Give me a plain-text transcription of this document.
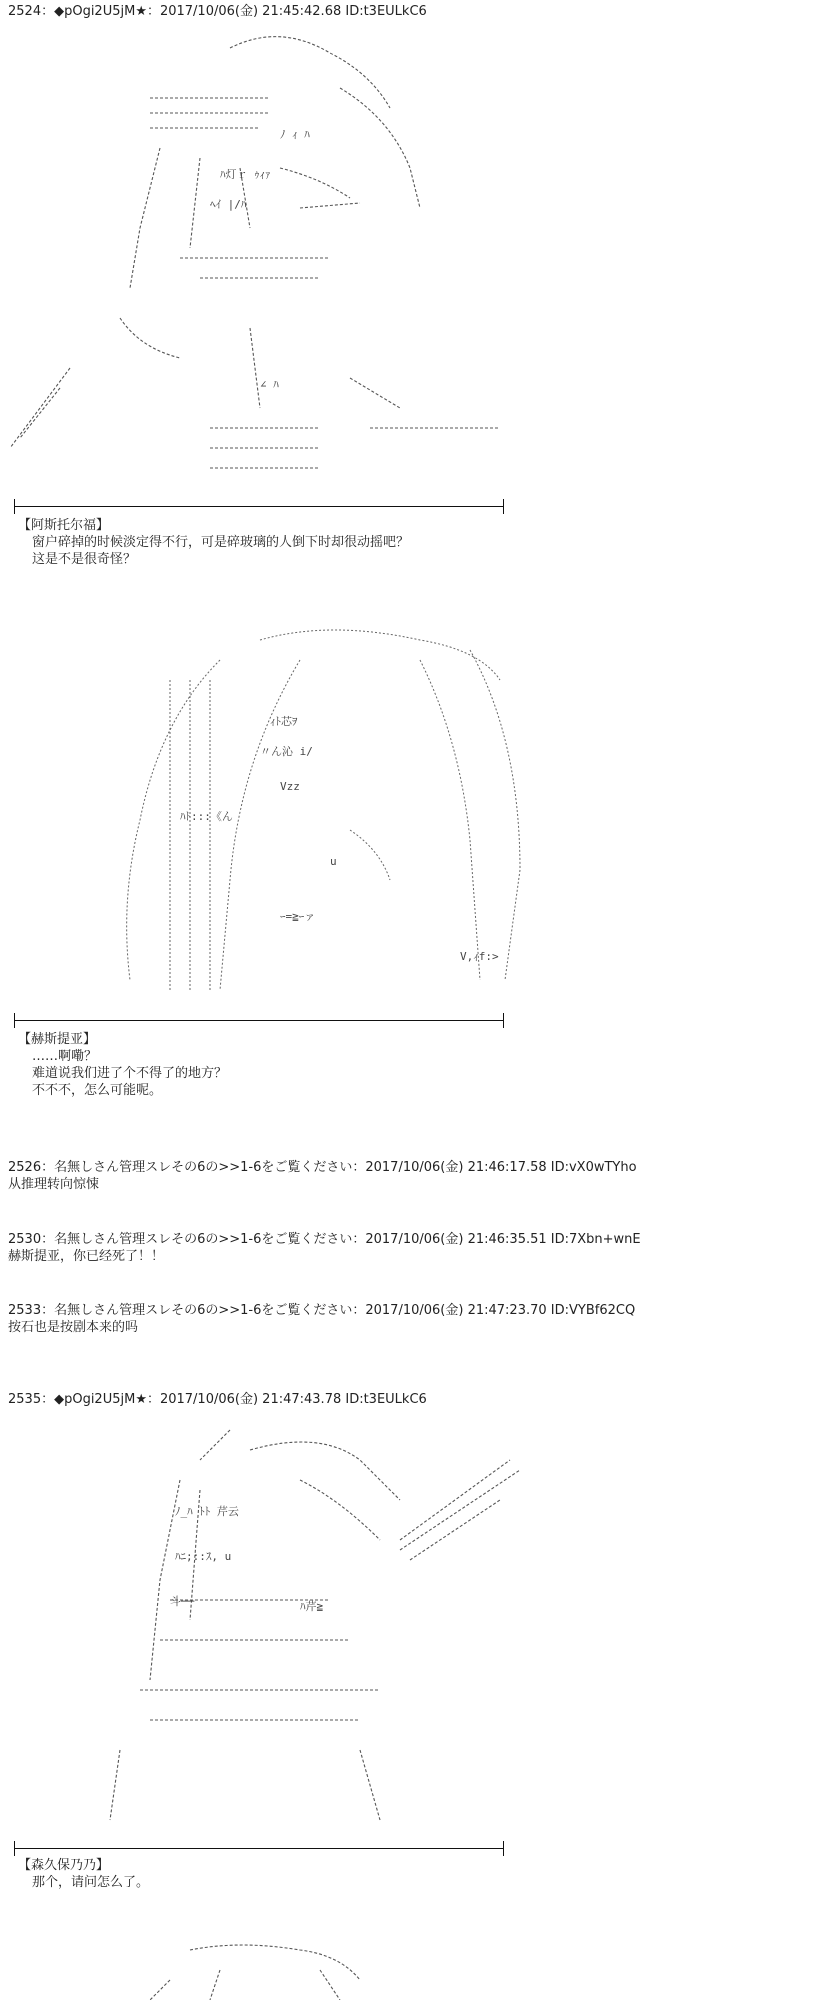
2524：◆pOgi2U5jM★：2017/10/06(金) 21:45:42.68 ID:t3EULkC6
ﾉ ｨ ﾊ
ﾊ灯ｒ ｩｨｧ
ﾍｲ |/ﾊ
∠ ﾊ
【阿斯托尔福】
窗户碎掉的时候淡定得不行，可是碎玻璃的人倒下时却很动摇吧？
这是不是很奇怪？
ｨﾄ芯ｦ
〃ん沁 i/
Vzz
ﾊﾄ:::《ん
u
ｰ=≧ｰァ
V,ｨf:>
【赫斯提亚】
……啊嘞？
难道说我们进了个不得了的地方？
不不不，怎么可能呢。
2526：名無しさん管理スレその6の>>1-6をご覧ください：2017/10/06(金) 21:46:17.58 ID:vX0wTYho
从推理转向惊悚
2530：名無しさん管理スレその6の>>1-6をご覧ください：2017/10/06(金) 21:46:35.51 ID:7Xbn+wnE
赫斯提亚，你已经死了！！
2533：名無しさん管理スレその6の>>1-6をご覧ください：2017/10/06(金) 21:47:23.70 ID:VYBf62CQ
按石也是按剧本来的吗
2535：◆pOgi2U5jM★：2017/10/06(金) 21:47:43.78 ID:t3EULkC6
ﾉ_ﾊ ﾄﾄ 芹云
ﾊﾆ;::ｽ, u
斗──	ﾊ芹≧
【森久保乃乃】
那个，请问怎么了。
